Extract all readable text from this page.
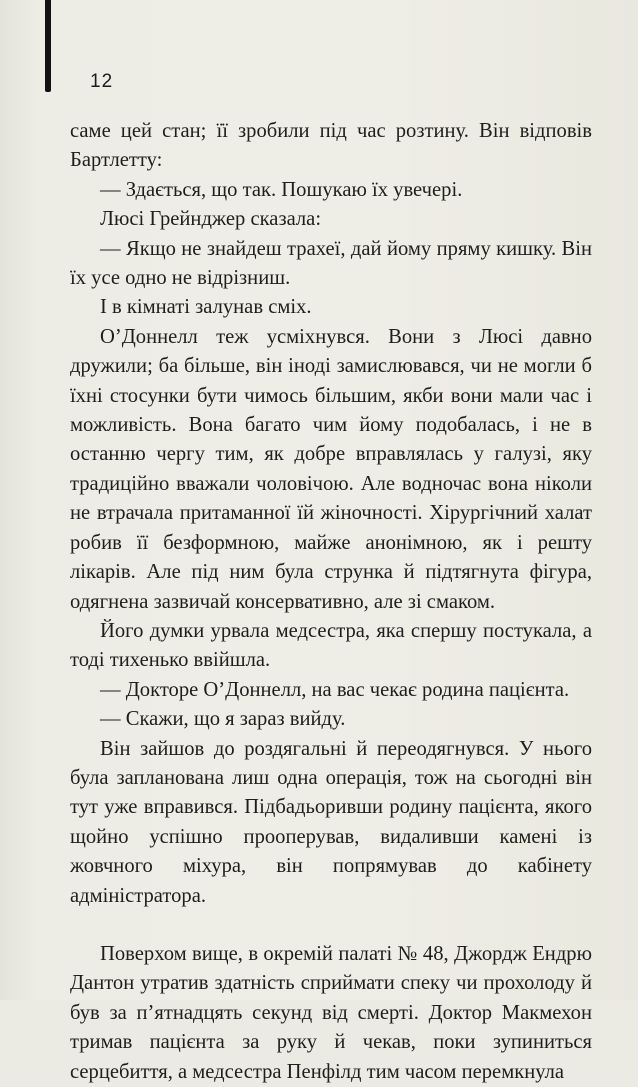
12

саме цей стан; її зробили під час розтину. Він відповів Бартлетту:

— Здається, що так. Пошукаю їх увечері.

Люсі Грейнджер сказала:

— Якщо не знайдеш трахеї, дай йому пряму кишку. Він їх усе одно не відрізниш.

І в кімнаті залунав сміх.

О’Доннелл теж усміхнувся. Вони з Люсі давно дружили; ба більше, він іноді замислювався, чи не могли б їхні стосунки бути чимось більшим, якби вони мали час і можливість. Вона багато чим йому подобалась, і не в останню чергу тим, як добре вправлялась у галузі, яку традиційно вважали чоловічою. Але водночас вона ніколи не втрачала притаманної їй жіночності. Хірургічний халат робив її безформною, майже анонімною, як і решту лікарів. Але під ним була струнка й підтягнута фігура, одягнена зазвичай консервативно, але зі смаком.

Його думки урвала медсестра, яка спершу постукала, а тоді тихенько ввійшла.

— Докторе О’Доннелл, на вас чекає родина пацієнта.

— Скажи, що я зараз вийду.

Він зайшов до роздягальні й переодягнувся. У нього була запланована лиш одна операція, тож на сьогодні він тут уже вправився. Підбадьоривши родину пацієнта, якого щойно успішно прооперував, видаливши камені із жовчного міхура, він попрямував до кабінету адміністратора.

Поверхом вище, в окремій палаті № 48, Джордж Ендрю Дантон утратив здатність сприймати спеку чи прохолоду й був за п’ятнадцять секунд від смерті. Доктор Макмехон тримав пацієнта за руку й чекав, поки зупиниться серцебиття, а медсестра Пенфілд тим часом перемкнула
